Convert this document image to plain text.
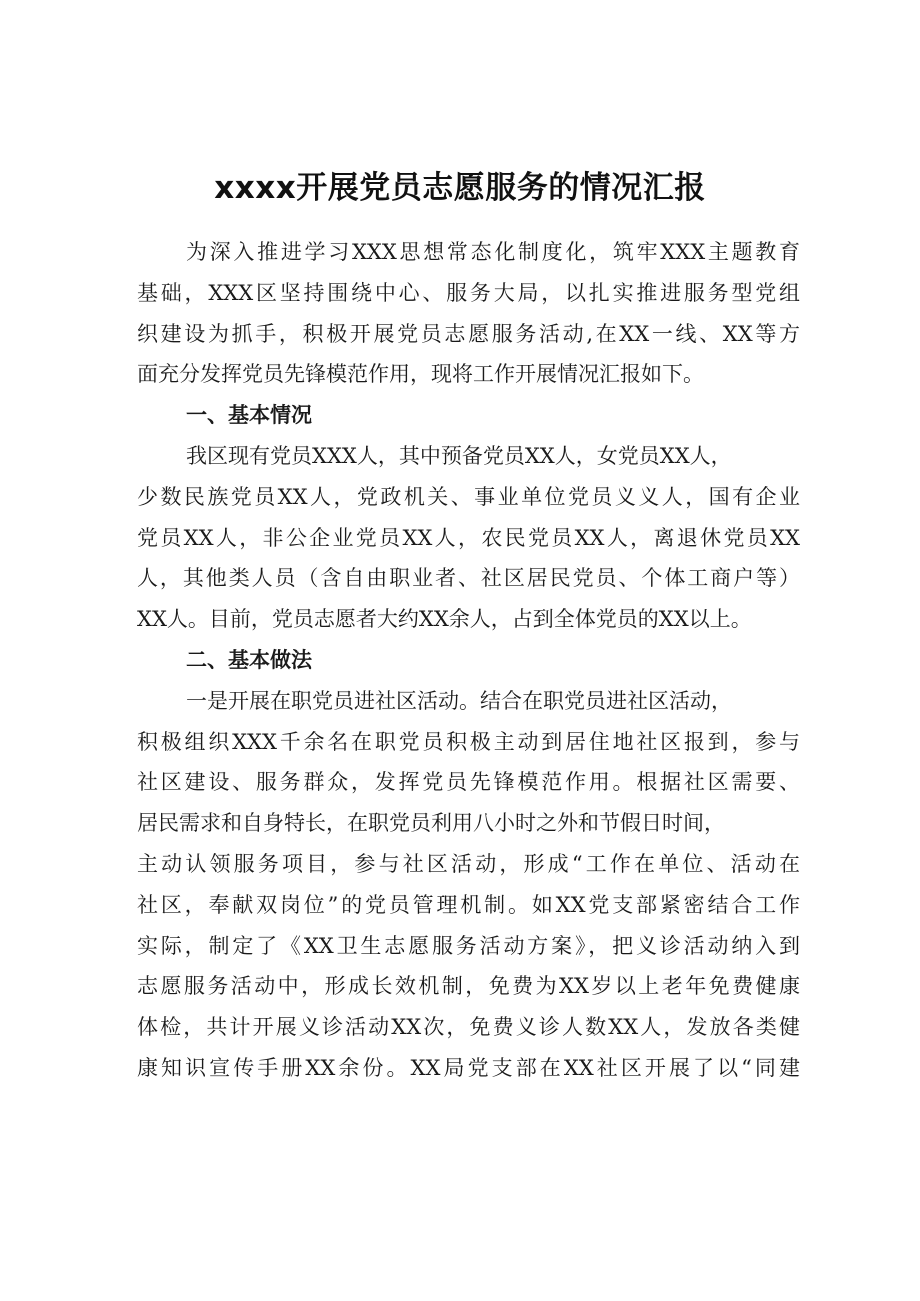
xxxx开展党员志愿服务的情况汇报
为深入推进学习XXX思想常态化制度化，筑牢XXX主题教育
基础，XXX区坚持围绕中心、服务大局，以扎实推进服务型党组
织建设为抓手，积极开展党员志愿服务活动,在XX一线、XX等方
面充分发挥党员先锋模范作用，现将工作开展情况汇报如下。
一、基本情况
我区现有党员XXX人，其中预备党员XX人，女党员XX人，
少数民族党员XX人，党政机关、事业单位党员义义人，国有企业
党员XX人，非公企业党员XX人，农民党员XX人，离退休党员XX
人，其他类人员（含自由职业者、社区居民党员、个体工商户等）
XX人。目前，党员志愿者大约XX余人，占到全体党员的XX以上。
二、基本做法
一是开展在职党员进社区活动。结合在职党员进社区活动，
积极组织XXX千余名在职党员积极主动到居住地社区报到，参与
社区建设、服务群众，发挥党员先锋模范作用。根据社区需要、
居民需求和自身特长，在职党员利用八小时之外和节假日时间，
主动认领服务项目，参与社区活动，形成“工作在单位、活动在
社区，奉献双岗位”的党员管理机制。如XX党支部紧密结合工作
实际，制定了《XX卫生志愿服务活动方案》，把义诊活动纳入到
志愿服务活动中，形成长效机制，免费为XX岁以上老年免费健康
体检，共计开展义诊活动XX次，免费义诊人数XX人，发放各类健
康知识宣传手册XX余份。XX局党支部在XX社区开展了以“同建
